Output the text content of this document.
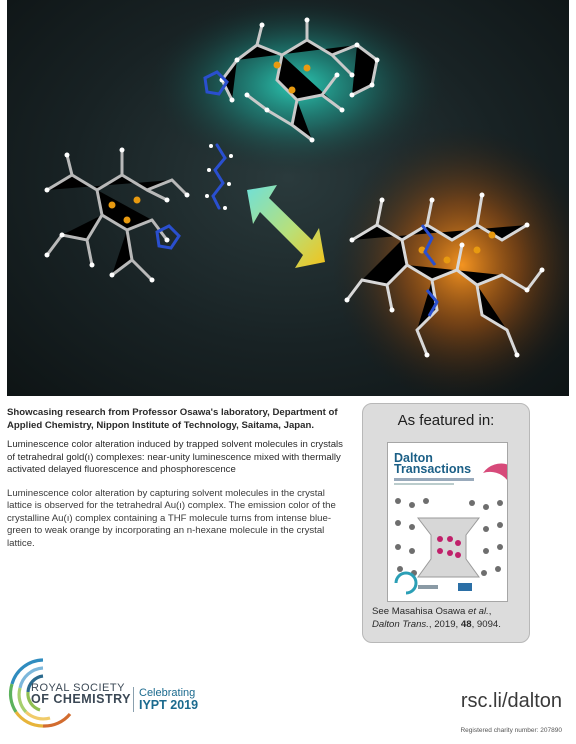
Showcasing research from Professor Osawa's laboratory, Department of Applied Chemistry, Nippon Institute of Technology, Saitama, Japan.

Luminescence color alteration induced by trapped solvent molecules in crystals of tetrahedral gold(ı) complexes: near-unity luminescence mixed with thermally activated delayed fluorescence and phosphorescence

Luminescence color alteration by capturing solvent molecules in the crystal lattice is observed for the tetrahedral Au(ı) complex. The emission color of the crystalline Au(ı) complex containing a THF molecule turns from intense blue-green to weak orange by incorporating an n-hexane molecule in the crystal lattice.

As featured in:
Dalton
Transactions

See Masahisa Osawa et al.,
Dalton Trans., 2019, 48, 9094.

ROYAL SOCIETY
OF CHEMISTRY Celebrating
IYPT 2019	rsc.li/dalton
Registered charity number: 207890
